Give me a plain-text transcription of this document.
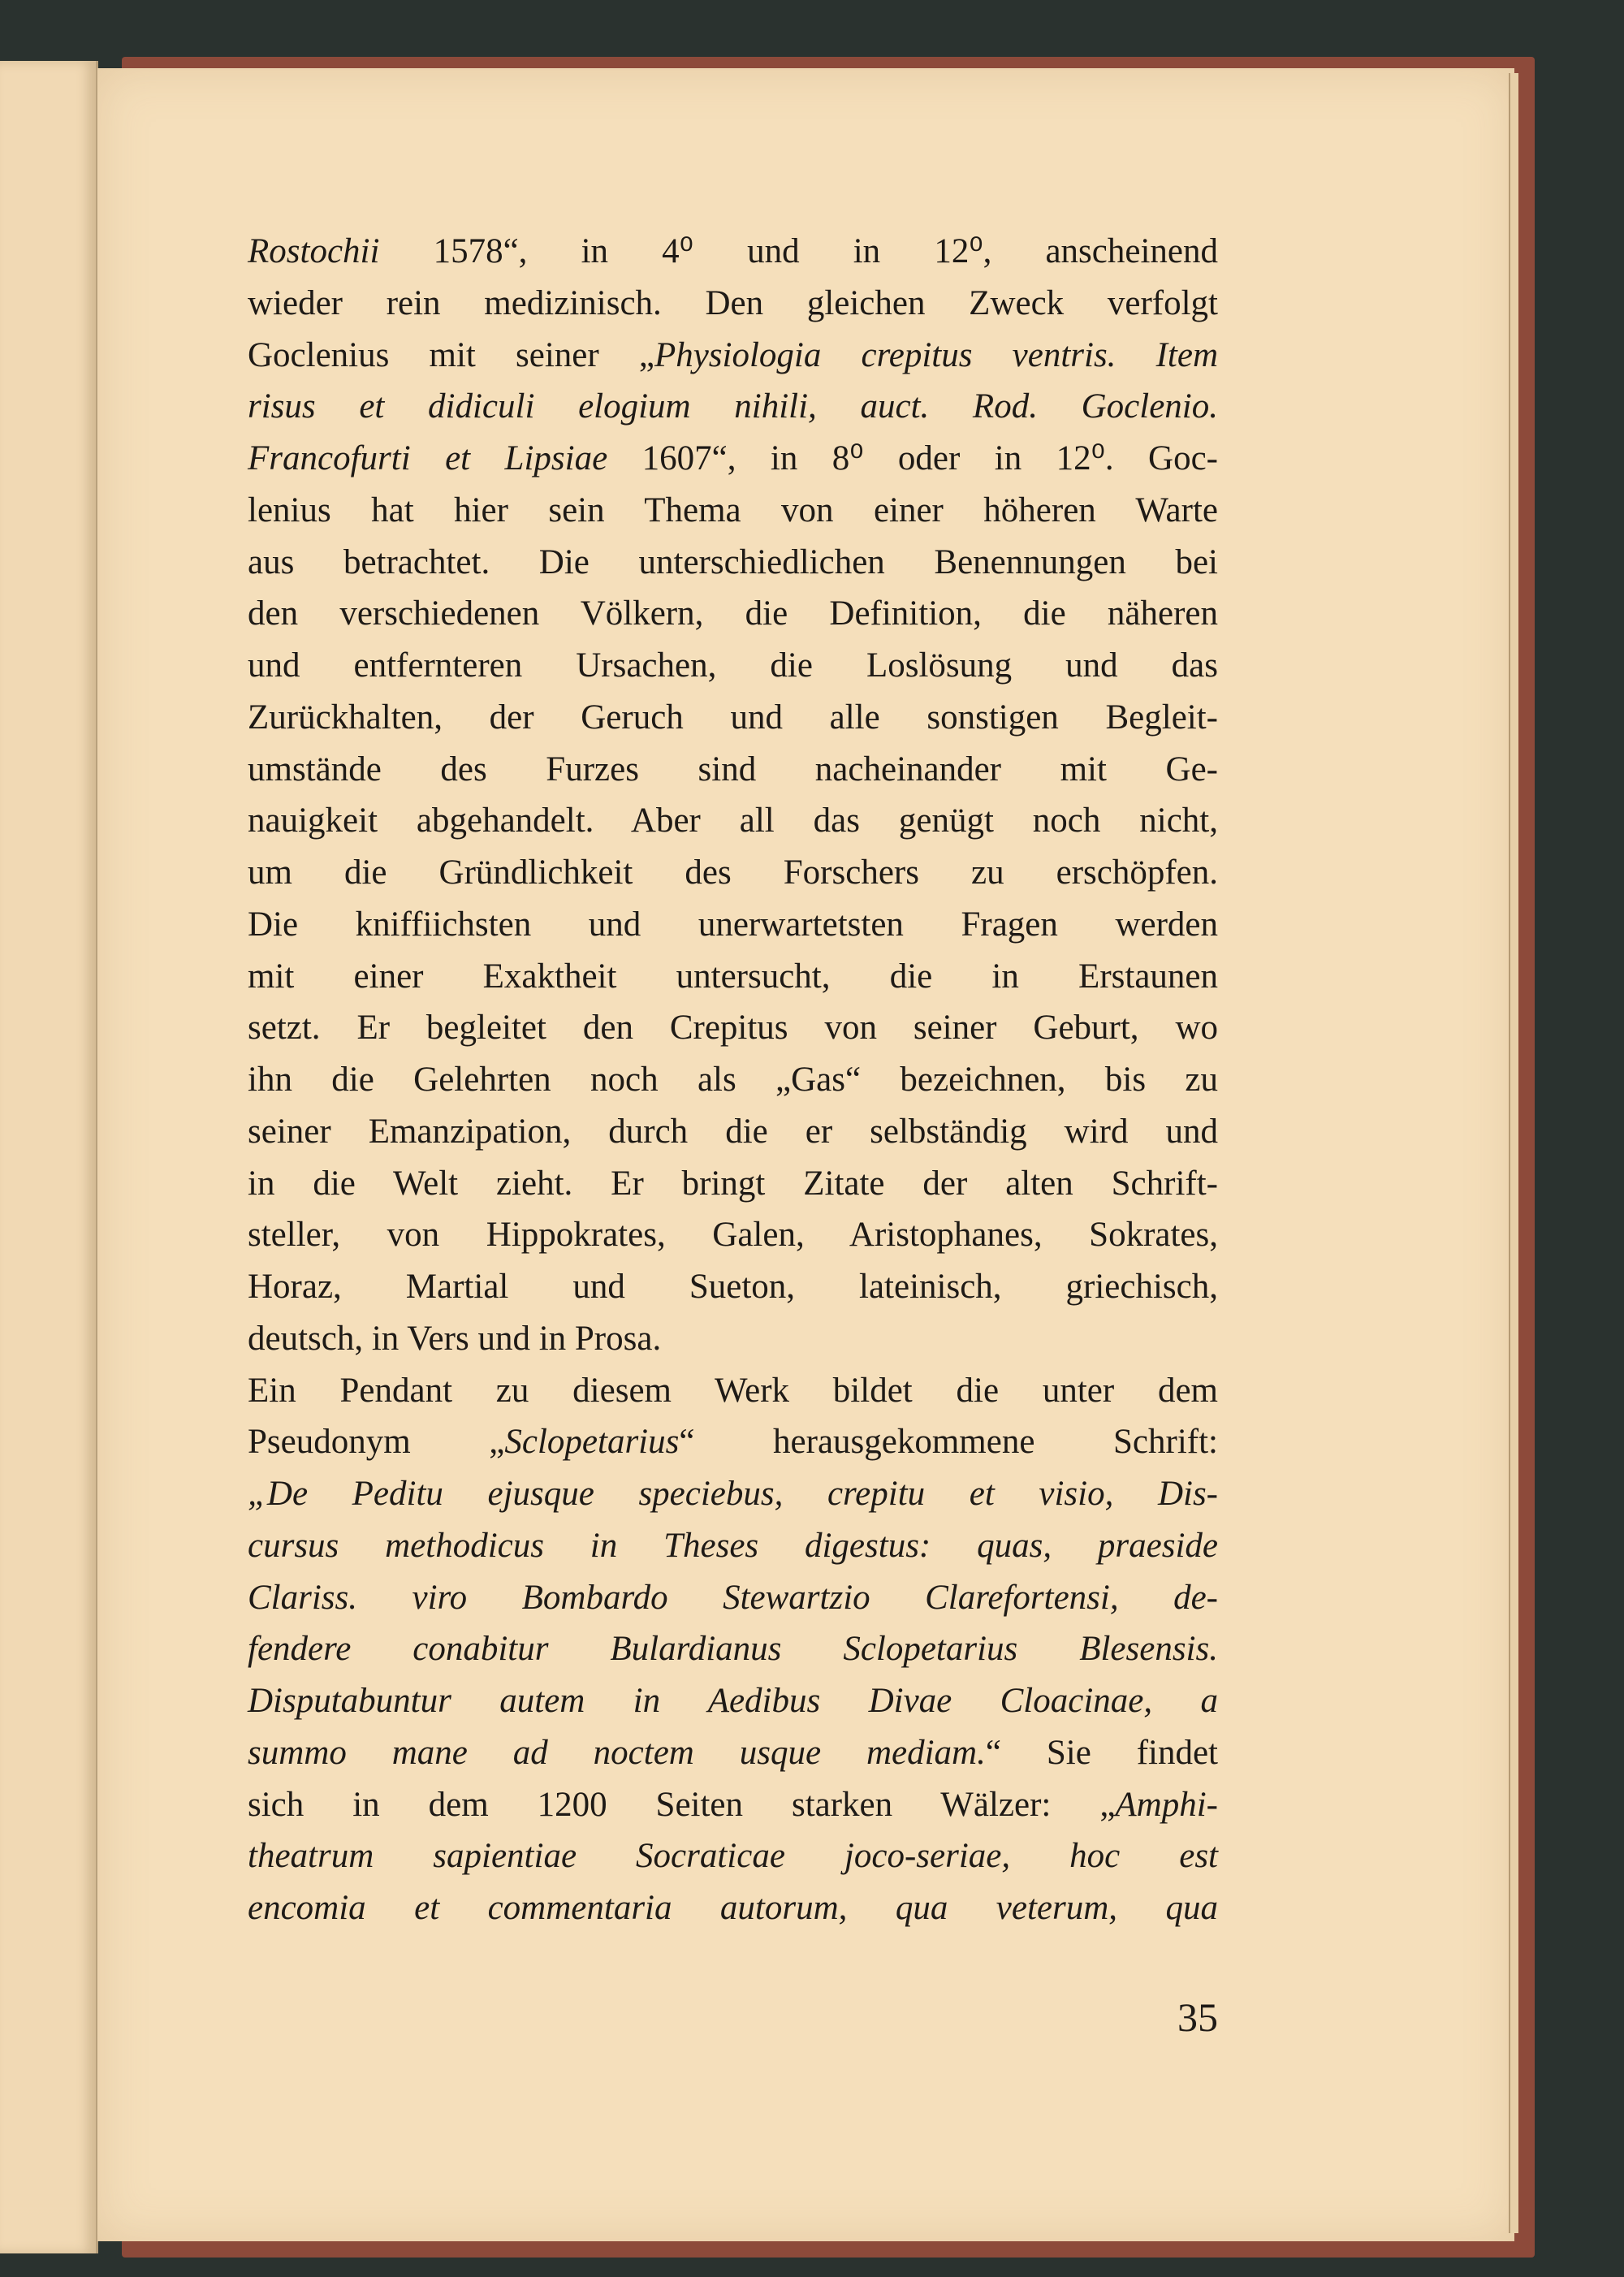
Rostochii 1578“, in 4⁰ und in 12⁰, anscheinend
wieder rein medizinisch. Den gleichen Zweck verfolgt
Goclenius mit seiner „Physiologia crepitus ventris. Item
risus et didiculi elogium nihili, auct. Rod. Goclenio.
Francofurti et Lipsiae 1607“, in 8⁰ oder in 12⁰. Goc-
lenius hat hier sein Thema von einer höheren Warte
aus betrachtet. Die unterschiedlichen Benennungen bei
den verschiedenen Völkern, die Definition, die näheren
und entfernteren Ursachen, die Loslösung und das
Zurückhalten, der Geruch und alle sonstigen Begleit-
umstände des Furzes sind nacheinander mit Ge-
nauigkeit abgehandelt. Aber all das genügt noch nicht,
um die Gründlichkeit des Forschers zu erschöpfen.
Die kniffiichsten und unerwartetsten Fragen werden
mit einer Exaktheit untersucht, die in Erstaunen
setzt. Er begleitet den Crepitus von seiner Geburt, wo
ihn die Gelehrten noch als „Gas“ bezeichnen, bis zu
seiner Emanzipation, durch die er selbständig wird und
in die Welt zieht. Er bringt Zitate der alten Schrift-
steller, von Hippokrates, Galen, Aristophanes, Sokrates,
Horaz, Martial und Sueton, lateinisch, griechisch,
deutsch, in Vers und in Prosa.
Ein Pendant zu diesem Werk bildet die unter dem
Pseudonym „Sclopetarius“ herausgekommene Schrift:
„De Peditu ejusque speciebus, crepitu et visio, Dis-
cursus methodicus in Theses digestus: quas, praeside
Clariss. viro Bombardo Stewartzio Clarefortensi, de-
fendere conabitur Bulardianus Sclopetarius Blesensis.
Disputabuntur autem in Aedibus Divae Cloacinae, a
summo mane ad noctem usque mediam.“ Sie findet
sich in dem 1200 Seiten starken Wälzer: „Amphi-
theatrum sapientiae Socraticae joco-seriae, hoc est
encomia et commentaria autorum, qua veterum, qua
35
